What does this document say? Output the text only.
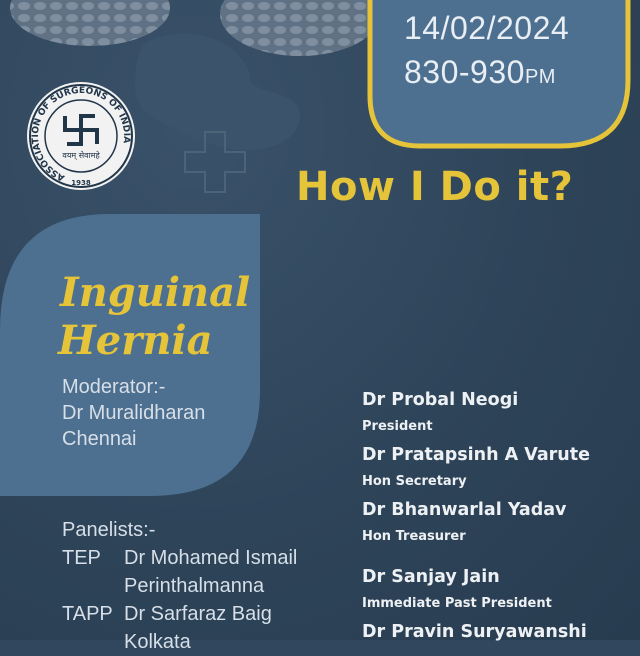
14/02/2024
830-930PM
ASSOCIATION OF SURGEONS OF INDIA
वयम् सेवामहे
1938	How I Do it?
Inguinal
Hernia
Moderator:-
Dr Muralidharan
Chennai
Panelists:-
TEP Dr Mohamed Ismail
Perinthalmanna
TAPP Dr Sarfaraz Baig
Kolkata
Dr Probal Neogi
President
Dr Pratapsinh A Varute
Hon Secretary
Dr Bhanwarlal Yadav
Hon Treasurer
Dr Sanjay Jain
Immediate Past President
Dr Pravin Suryawanshi
